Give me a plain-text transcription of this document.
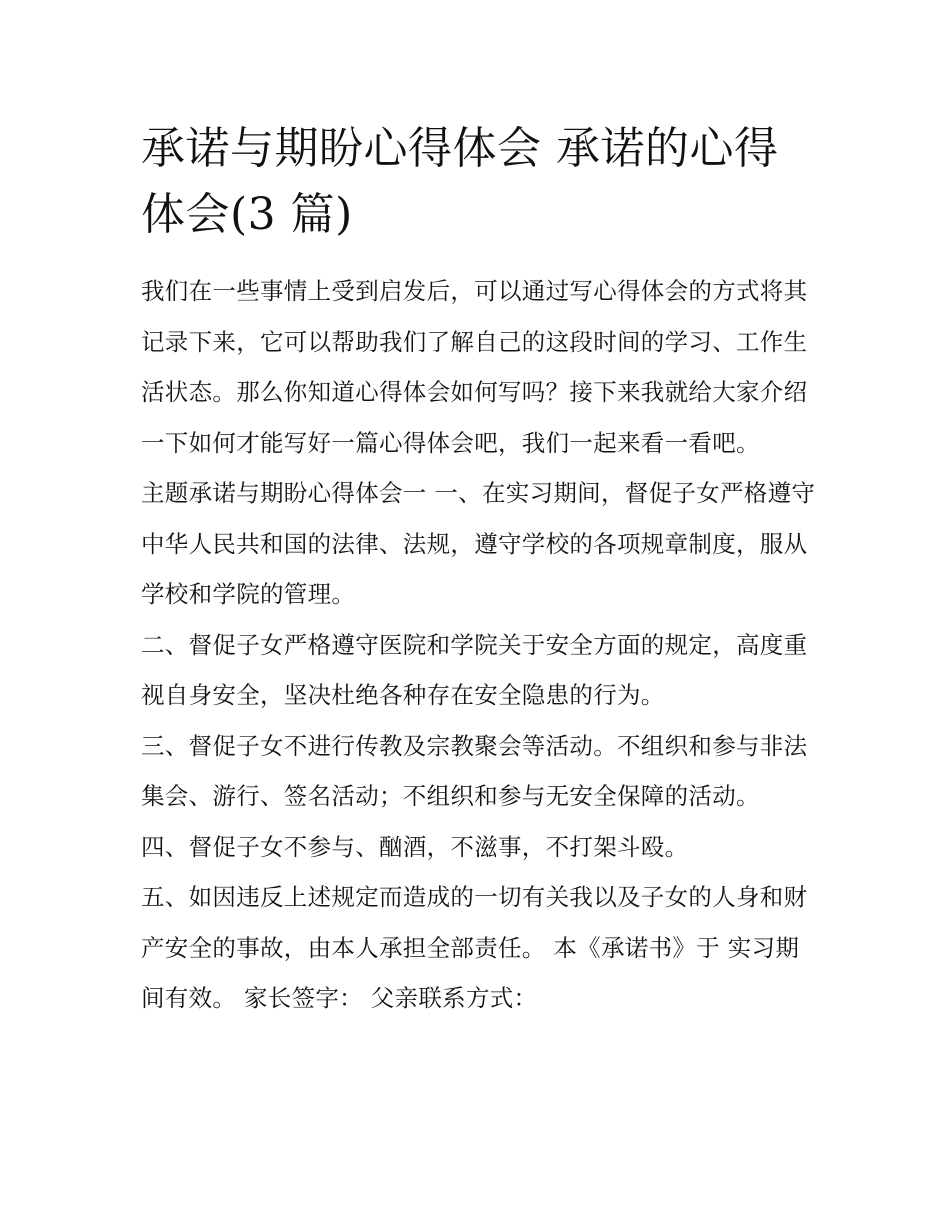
承诺与期盼心得体会 承诺的心得体会(3 篇)

我们在一些事情上受到启发后，可以通过写心得体会的方式将其记录下来，它可以帮助我们了解自己的这段时间的学习、工作生活状态。那么你知道心得体会如何写吗？接下来我就给大家介绍一下如何才能写好一篇心得体会吧，我们一起来看一看吧。

主题承诺与期盼心得体会一 一、在实习期间，督促子女严格遵守中华人民共和国的法律、法规，遵守学校的各项规章制度，服从学校和学院的管理。

二、督促子女严格遵守医院和学院关于安全方面的规定，高度重视自身安全，坚决杜绝各种存在安全隐患的行为。

三、督促子女不进行传教及宗教聚会等活动。不组织和参与非法集会、游行、签名活动；不组织和参与无安全保障的活动。

四、督促子女不参与、酗酒，不滋事，不打架斗殴。

五、如因违反上述规定而造成的一切有关我以及子女的人身和财产安全的事故，由本人承担全部责任。 本《承诺书》于 实习期间有效。 家长签字： 父亲联系方式：
